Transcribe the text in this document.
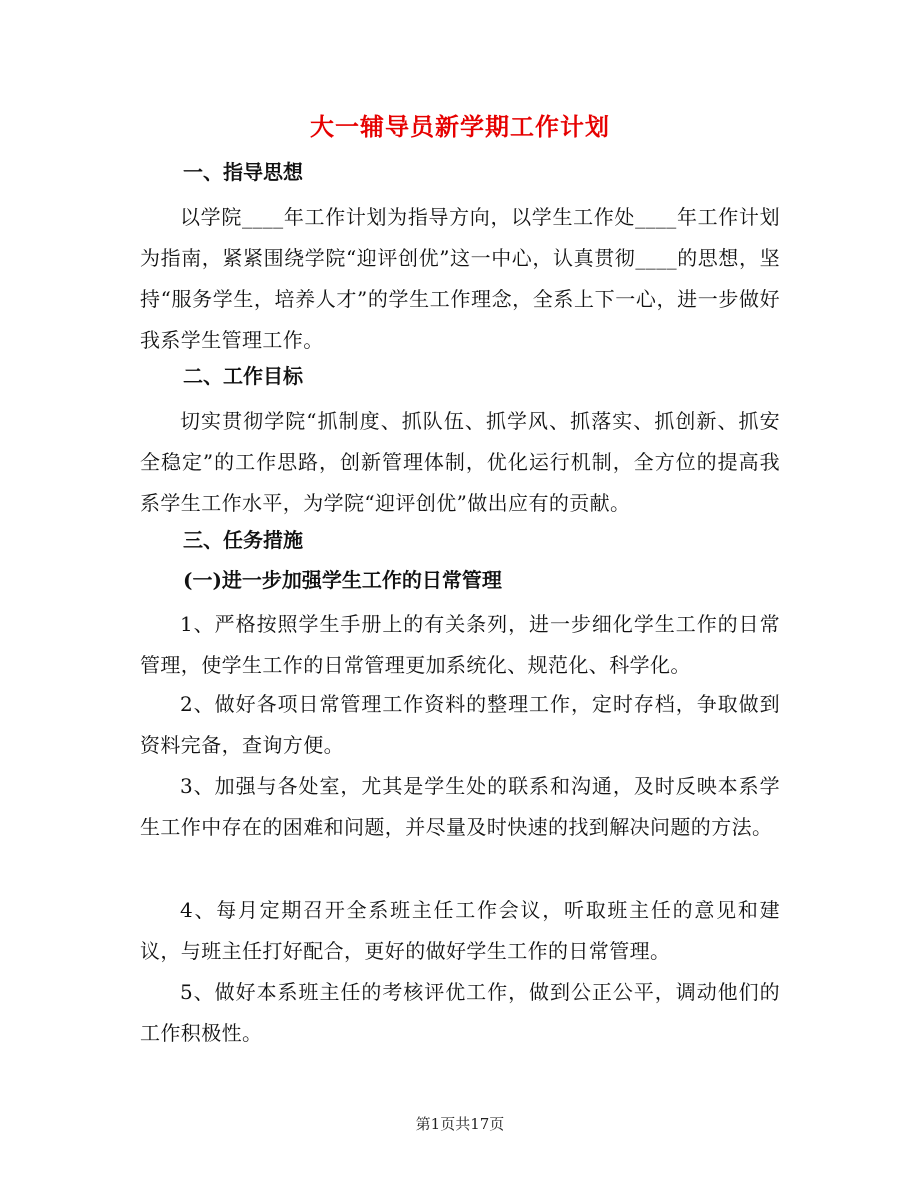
大一辅导员新学期工作计划
一、指导思想

以学院____年工作计划为指导方向，以学生工作处____年工作计划为指南，紧紧围绕学院“迎评创优”这一中心，认真贯彻____的思想，坚持“服务学生，培养人才”的学生工作理念，全系上下一心，进一步做好我系学生管理工作。

二、工作目标

切实贯彻学院“抓制度、抓队伍、抓学风、抓落实、抓创新、抓安全稳定”的工作思路，创新管理体制，优化运行机制，全方位的提高我系学生工作水平，为学院“迎评创优”做出应有的贡献。

三、任务措施
(一)进一步加强学生工作的日常管理

1、严格按照学生手册上的有关条列，进一步细化学生工作的日常管理，使学生工作的日常管理更加系统化、规范化、科学化。

2、做好各项日常管理工作资料的整理工作，定时存档，争取做到资料完备，查询方便。

3、加强与各处室，尤其是学生处的联系和沟通，及时反映本系学生工作中存在的困难和问题，并尽量及时快速的找到解决问题的方法。

4、每月定期召开全系班主任工作会议，听取班主任的意见和建议，与班主任打好配合，更好的做好学生工作的日常管理。

5、做好本系班主任的考核评优工作，做到公正公平，调动他们的工作积极性。

第1页共17页
